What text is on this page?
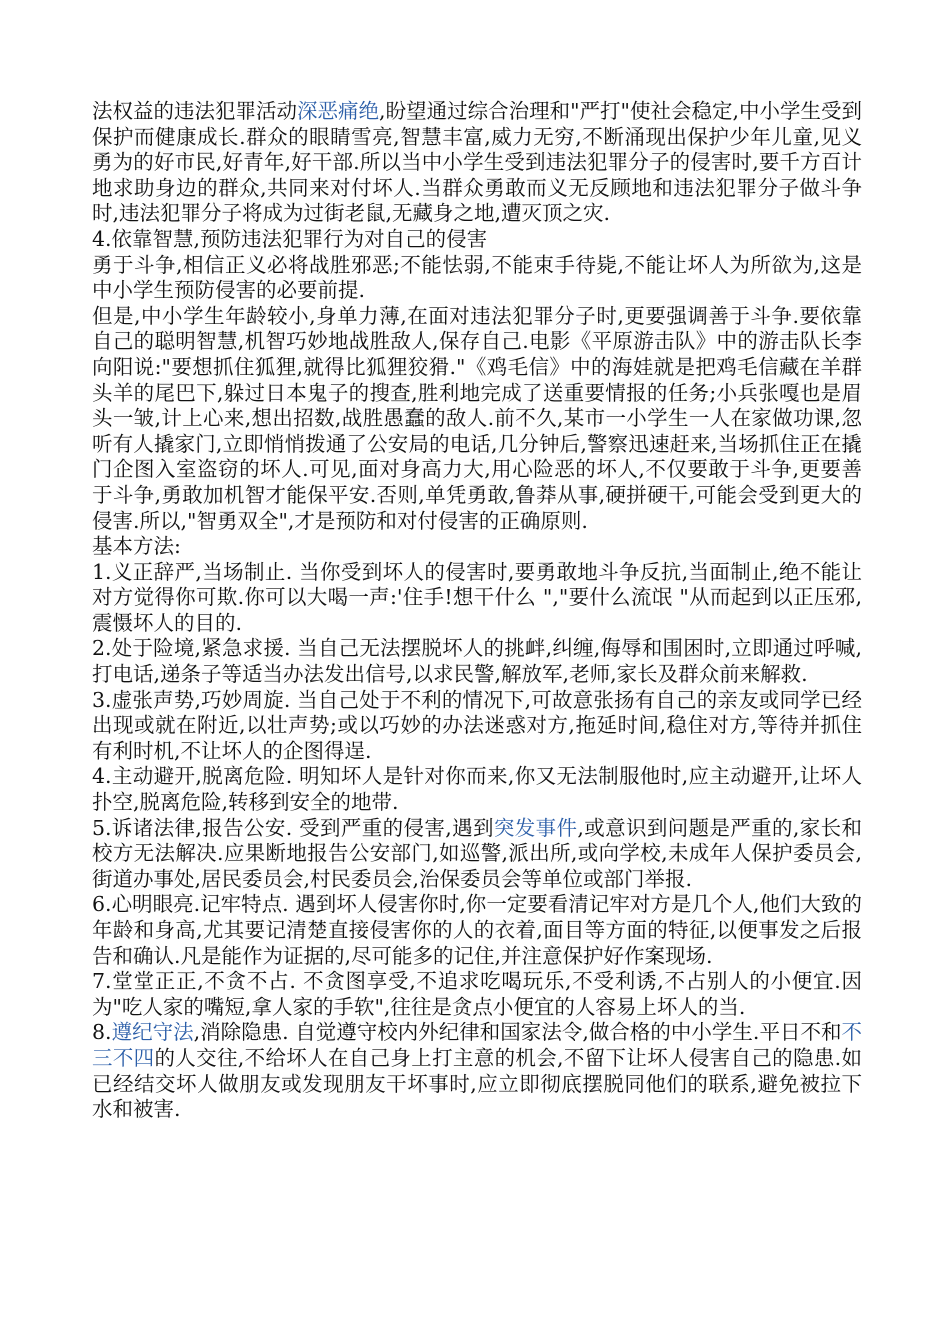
法权益的违法犯罪活动深恶痛绝,盼望通过综合治理和"严打"使社会稳定,中小学生受到保护而健康成长.群众的眼睛雪亮,智慧丰富,威力无穷,不断涌现出保护少年儿童,见义勇为的好市民,好青年,好干部.所以当中小学生受到违法犯罪分子的侵害时,要千方百计地求助身边的群众,共同来对付坏人.当群众勇敢而义无反顾地和违法犯罪分子做斗争时,违法犯罪分子将成为过街老鼠,无藏身之地,遭灭顶之灾.

4.依靠智慧,预防违法犯罪行为对自己的侵害

勇于斗争,相信正义必将战胜邪恶;不能怯弱,不能束手待毙,不能让坏人为所欲为,这是中小学生预防侵害的必要前提.

但是,中小学生年龄较小,身单力薄,在面对违法犯罪分子时,更要强调善于斗争.要依靠自己的聪明智慧,机智巧妙地战胜敌人,保存自己.电影《平原游击队》中的游击队长李向阳说:"要想抓住狐狸,就得比狐狸狡猾."《鸡毛信》中的海娃就是把鸡毛信藏在羊群头羊的尾巴下,躲过日本鬼子的搜查,胜利地完成了送重要情报的任务;小兵张嘎也是眉头一皱,计上心来,想出招数,战胜愚蠢的敌人.前不久,某市一小学生一人在家做功课,忽听有人撬家门,立即悄悄拨通了公安局的电话,几分钟后,警察迅速赶来,当场抓住正在撬门企图入室盗窃的坏人.可见,面对身高力大,用心险恶的坏人,不仅要敢于斗争,更要善于斗争,勇敢加机智才能保平安.否则,单凭勇敢,鲁莽从事,硬拼硬干,可能会受到更大的侵害.所以,"智勇双全",才是预防和对付侵害的正确原则.

基本方法:

1.义正辞严,当场制止. 当你受到坏人的侵害时,要勇敢地斗争反抗,当面制止,绝不能让对方觉得你可欺.你可以大喝一声:'住手!想干什么 ","要什么流氓 "从而起到以正压邪,震慑坏人的目的.

2.处于险境,紧急求援. 当自己无法摆脱坏人的挑衅,纠缠,侮辱和围困时,立即通过呼喊,打电话,递条子等适当办法发出信号,以求民警,解放军,老师,家长及群众前来解救.

3.虚张声势,巧妙周旋. 当自己处于不利的情况下,可故意张扬有自己的亲友或同学已经出现或就在附近,以壮声势;或以巧妙的办法迷惑对方,拖延时间,稳住对方,等待并抓住有利时机,不让坏人的企图得逞.

4.主动避开,脱离危险. 明知坏人是针对你而来,你又无法制服他时,应主动避开,让坏人扑空,脱离危险,转移到安全的地带.

5.诉诸法律,报告公安. 受到严重的侵害,遇到突发事件,或意识到问题是严重的,家长和校方无法解决.应果断地报告公安部门,如巡警,派出所,或向学校,未成年人保护委员会,街道办事处,居民委员会,村民委员会,治保委员会等单位或部门举报.

6.心明眼亮.记牢特点. 遇到坏人侵害你时,你一定要看清记牢对方是几个人,他们大致的年龄和身高,尤其要记清楚直接侵害你的人的衣着,面目等方面的特征,以便事发之后报告和确认.凡是能作为证据的,尽可能多的记住,并注意保护好作案现场.

7.堂堂正正,不贪不占. 不贪图享受,不追求吃喝玩乐,不受利诱,不占别人的小便宜.因为"吃人家的嘴短,拿人家的手软",往往是贪点小便宜的人容易上坏人的当.

8.遵纪守法,消除隐患. 自觉遵守校内外纪律和国家法令,做合格的中小学生.平日不和不三不四的人交往,不给坏人在自己身上打主意的机会,不留下让坏人侵害自己的隐患.如已经结交坏人做朋友或发现朋友干坏事时,应立即彻底摆脱同他们的联系,避免被拉下水和被害.
